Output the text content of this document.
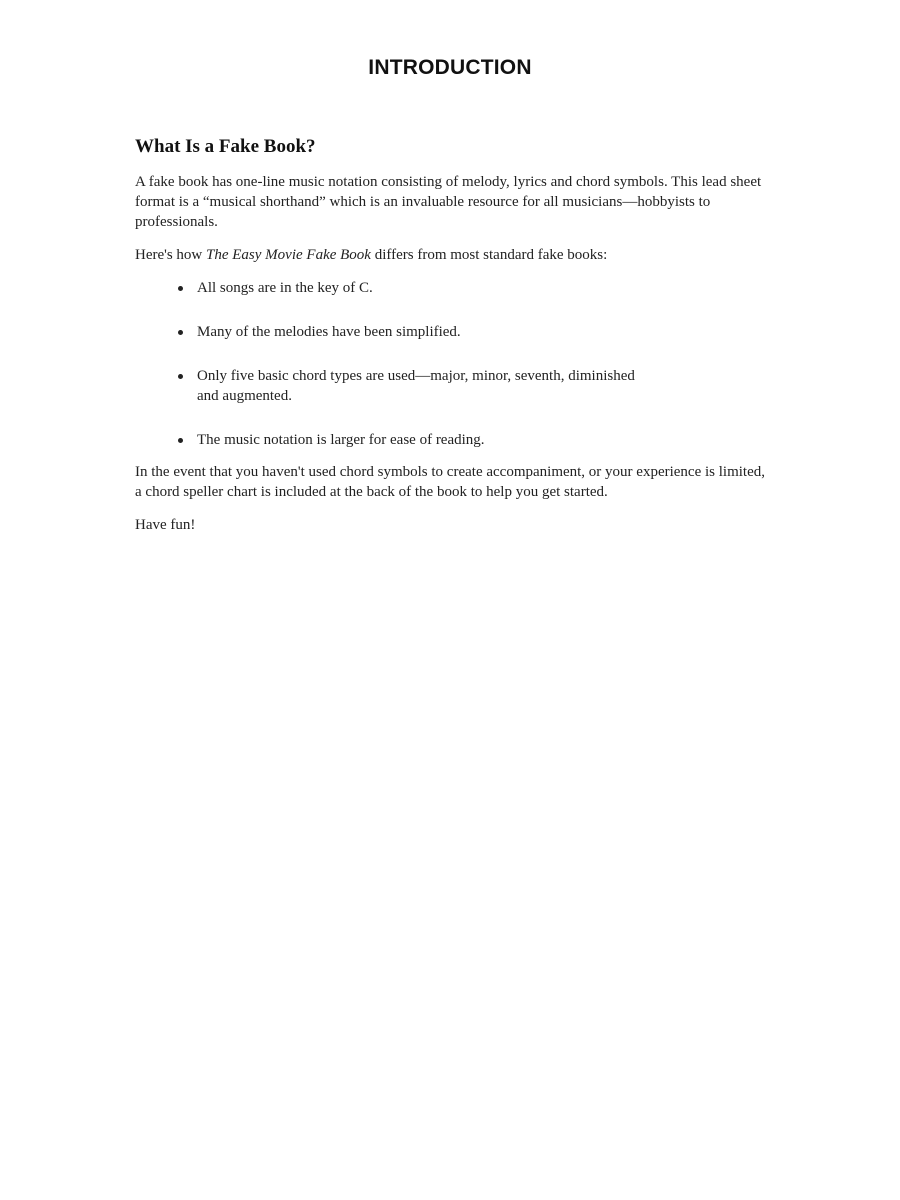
INTRODUCTION
What Is a Fake Book?

A fake book has one-line music notation consisting of melody, lyrics and chord symbols. This lead sheet format is a “musical shorthand” which is an invaluable resource for all musicians—hobbyists to professionals.

Here's how The Easy Movie Fake Book differs from most standard fake books:

All songs are in the key of C.
Many of the melodies have been simplified.
Only five basic chord types are used—major, minor, seventh, diminished and augmented.
The music notation is larger for ease of reading.

In the event that you haven't used chord symbols to create accompaniment, or your experience is limited, a chord speller chart is included at the back of the book to help you get started.

Have fun!
